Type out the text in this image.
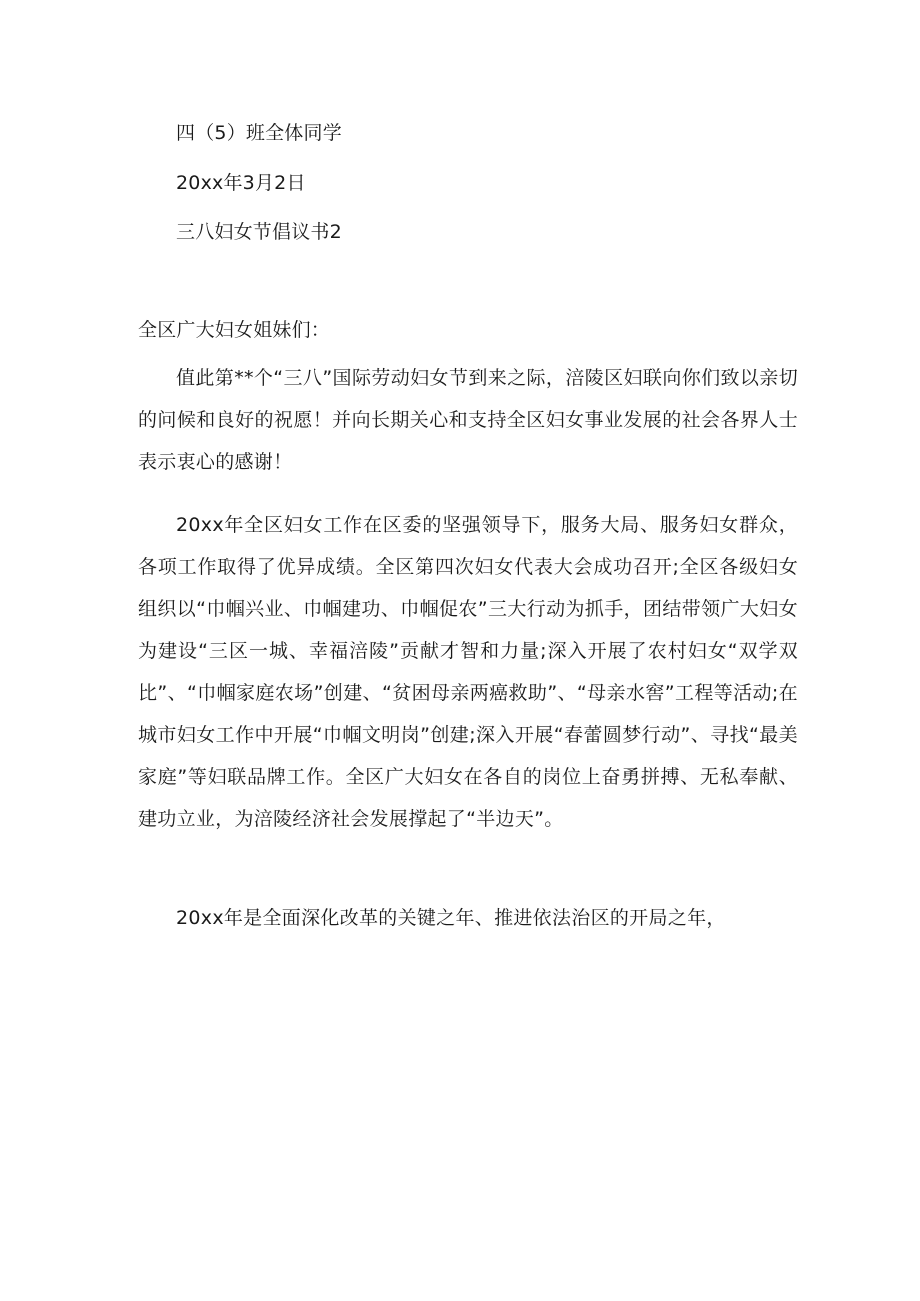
四（5）班全体同学
20xx年3月2日
三八妇女节倡议书2
全区广大妇女姐妹们：

值此第**个“三八”国际劳动妇女节到来之际，涪陵区妇联向你们致以亲切的问候和良好的祝愿！并向长期关心和支持全区妇女事业发展的社会各界人士表示衷心的感谢！

20xx年全区妇女工作在区委的坚强领导下，服务大局、服务妇女群众，各项工作取得了优异成绩。全区第四次妇女代表大会成功召开;全区各级妇女组织以“巾帼兴业、巾帼建功、巾帼促农”三大行动为抓手，团结带领广大妇女为建设“三区一城、幸福涪陵”贡献才智和力量;深入开展了农村妇女“双学双比”、“巾帼家庭农场”创建、“贫困母亲两癌救助”、“母亲水窖”工程等活动;在城市妇女工作中开展“巾帼文明岗”创建;深入开展“春蕾圆梦行动”、寻找“最美家庭”等妇联品牌工作。全区广大妇女在各自的岗位上奋勇拼搏、无私奉献、建功立业，为涪陵经济社会发展撑起了“半边天”。

20xx年是全面深化改革的关键之年、推进依法治区的开局之年，
